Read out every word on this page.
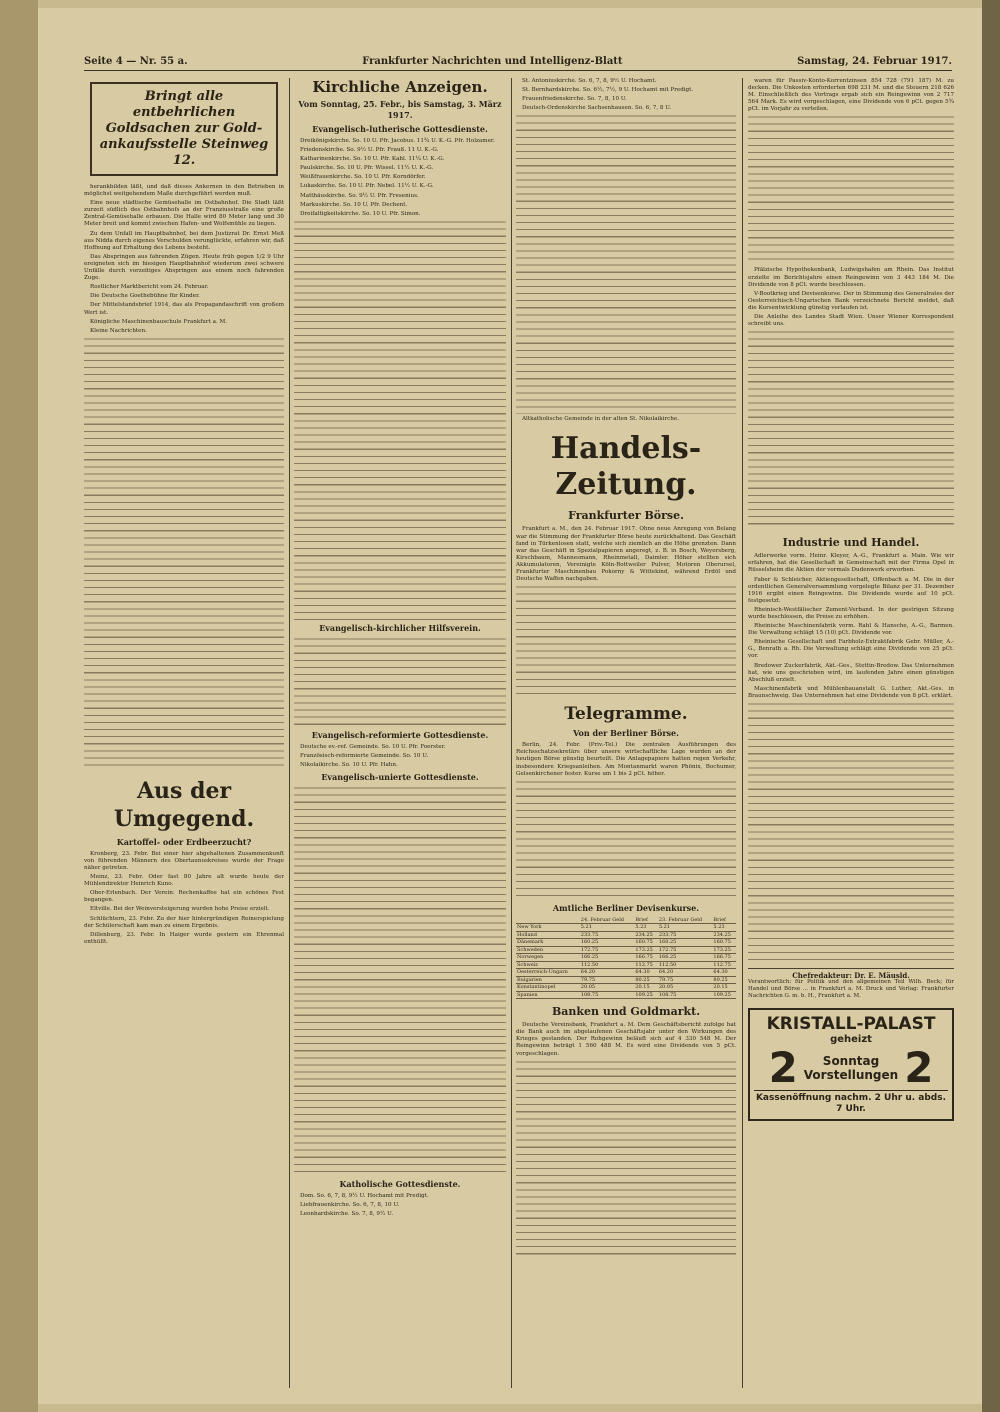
Seite 4 — Nr. 55 a.	Frankfurter Nachrichten und Intelligenz-Blatt	Samstag, 24. Februar 1917.
Bringt alle entbehrlichen Goldsachen zur Gold-ankaufsstelle Steinweg 12.

herankbilden läßt, und daß dieses Ankernen in den Betrieben in möglichst weitgehendem Maße durchgeführt werden muß.

Eine neue städtische Gemüsehalle im Ostbahnhof. Die Stadt läßt zurzeit südlich des Ostbahnhofs an der Franziusstraße eine große Zentral-Gemüsehalle erbauen. Die Halle wird 80 Meter lang und 30 Meter breit und kommt zwischen Hafen- und Wolfsmühle zu liegen.

Zu dem Unfall im Hauptbahnhof, bei dem Justizrat Dr. Ernst Meß aus Nidda durch eigenes Verschulden verunglückte, erfahren wir, daß Hoffnung auf Erhaltung des Lebens besteht.

Das Abspringen aus fahrenden Zügen. Heute früh gegen 1/2 9 Uhr ereigneten sich im hiesigen Hauptbahnhof wiederum zwei schwere Unfälle durch vorzeitiges Abspringen aus einem noch fahrenden Zuge.

Rostlicher Marktbericht vom 24. Februar.

Die Deutsche Goethebühne für Kinder.

Der Mittelstandsbrief 1914, das als Propagandaschrift von großem Wert ist.

Königliche Maschinenbauschule Frankfurt a. M.

Kleine Nachrichten.

Aus der Umgegend.
Kartoffel- oder Erdbeerzucht?

Kronberg, 23. Febr. Bei einer hier abgehaltenen Zusammenkunft von führenden Männern des Obertaunuskreises wurde der Frage näher getreten.

Meinz, 23. Febr. Oder fast 80 Jahre alt wurde heute der Mühlendirektor Heinrich Kuno.

Ober-Erlenbach. Der Verein: Rechenkaffee hat ein schönes Fest begangen.

Eltville. Bei der Weinversteigerung wurden hohe Preise erzielt.

Schlüchtern, 23. Febr. Zu der hier hintergründigen Reinerspielung der Schülerschaft kam man zu einem Ergebnis.

Dillenburg, 23. Febr. In Haiger wurde gestern ein Ehrenmal enthüllt.

Kirchliche Anzeigen.
Vom Sonntag, 25. Febr., bis Samstag, 3. März 1917.
Evangelisch-lutherische Gottesdienste.

Dreikönigskirche. So. 10 U. Pfr. Jacobus. 11¾ U. K.-G. Pfr. Holzamer.

Friedenskirche. So. 9½ U. Pfr. Frauß. 11 U. K.-G.

Katharinenkirche. So. 10 U. Pfr. Kahl. 11¼ U. K.-G.

Paulskirche. So. 10 U. Pfr. Wissel. 11½ U. K.-G.

Weißfrauenkirche. So. 10 U. Pfr. Korndörfer.

Lukaskirche. So. 10 U. Pfr. Nebel. 11½ U. K.-G.

Matthäuskirche. So. 9½ U. Pfr. Fresenius.

Markuskirche. So. 10 U. Pfr. Dechent.

Dreifaltigkeitskirche. So. 10 U. Pfr. Simon.

Evangelisch-kirchlicher Hilfsverein.
Evangelisch-reformierte Gottesdienste.

Deutsche ev.-ref. Gemeinde. So. 10 U. Pfr. Foerster.

Französisch-reformierte Gemeinde. So. 10 U.

Nikolaikirche. So. 10 U. Pfr. Hahn.

Evangelisch-unierte Gottesdienste.
Katholische Gottesdienste.

Dom. So. 6, 7, 8, 9½ U. Hochamt mit Predigt.

Liebfrauenkirche. So. 6, 7, 8, 10 U.

Leonhardskirche. So. 7, 8, 9½ U.

St. Antoniuskirche. So. 6, 7, 8, 9½ U. Hochamt.

St. Bernhardskirche. So. 6½, 7½, 9 U. Hochamt mit Predigt.

Frauenfriedenskirche. So. 7, 8, 10 U.

Deutsch-Ordenskirche Sachsenhausen. So. 6, 7, 8 U.

Altkatholische Gemeinde in der alten St. Nikolaikirche.

Handels-Zeitung.
Frankfurter Börse.

Frankfurt a. M., den 24. Februar 1917. Ohne neue Anregung von Belang war die Stimmung der Frankfurter Börse heute zurückhaltend. Das Geschäft fand in Türkenlosen statt, welche sich ziemlich an die Höhe grenzten. Dann war das Geschäft in Spezialpapieren angeregt, z. B. in Bosch, Weyersberg, Kirschbaum, Mannesmann, Rheinmetall, Daimler. Höher stellten sich Akkumulatoren, Vereinigte Köln-Rottweiler Pulver, Motoren Oberursel, Frankfurter Maschinenbau Pokorny & Wittekind, während Erdöl und Deutsche Waffen nachgaben.

Telegramme.
Von der Berliner Börse.

Berlin, 24. Febr. (Priv.-Tel.) Die zentralen Ausführungen des Reichsschatzsekretärs über unsere wirtschaftliche Lage wurden an der heutigen Börse günstig beurteilt. Die Anlagepapiere hatten regen Verkehr, insbesondere Kriegsanleihen. Am Montanmarkt waren Phönix, Bochumer, Gelsenkirchener fester. Kurse um 1 bis 2 pCt. höher.

Amtliche Berliner Devisenkurse.
	24. Februar Geld	Brief	23. Februar Geld	Brief
New York	5.21	5.23	5.21	5.23
Holland	233.75	234.25	233.75	234.25
Dänemark	160.25	160.75	160.25	160.75
Schweden	172.75	173.25	172.75	173.25
Norwegen	166.25	166.75	166.25	166.75
Schweiz	112.50	112.75	112.50	112.75
Oesterreich-Ungarn	64.20	64.30	64.20	64.30
Bulgarien	79.75	80.25	79.75	80.25
Konstantinopel	20.05	20.15	20.05	20.15
Spanien	108.75	109.25	108.75	109.25
Banken und Goldmarkt.

Deutsche Vereinsbank, Frankfurt a. M. Dem Geschäftsbericht zufolge hat die Bank auch im abgelaufenen Geschäftsjahr unter den Wirkungen des Krieges gestanden. Der Rohgewinn beläuft sich auf 4 330 548 M. Der Reingewinn beträgt 1 560 488 M. Es wird eine Dividende von 5 pCt. vorgeschlagen.

waren für Passiv-Konto-Korrentzinsen 854 728 (791 187) M. zu decken. Die Unkosten erforderten 698 231 M. und die Steuern 218 626 M. Einschließlich des Vortrags ergab sich ein Reingewinn von 2 717 564 Mark. Es wird vorgeschlagen, eine Dividende von 6 pCt. gegen 5¾ pCt. im Vorjahr zu verteilen.

Pfälzische Hypothekenbank, Ludwigshafen am Rhein. Das Institut erzielte im Berichtsjahre einen Reingewinn von 3 443 184 M. Die Dividende von 8 pCt. wurde beschlossen.

V-Bootkrieg und Devisenkurse. Der in Stimmung des Generalrates der Oesterreichisch-Ungarischen Bank verzeichnete Bericht meldet, daß die Kursentwicklung günstig verlaufen ist.

Die Anleihe des Landes Stadt Wien. Unser Wiener Korrespondent schreibt uns.

Industrie und Handel.

Adlerwerke vorm. Heinr. Kleyer, A.-G., Frankfurt a. Main. Wie wir erfahren, hat die Gesellschaft in Gemeinschaft mit der Firma Opel in Rüsselsheim die Aktien der vormals Dudenwerk erworben.

Faber & Schleicher, Aktiengesellschaft, Offenbach a. M. Die in der ordentlichen Generalversammlung vorgelegte Bilanz per 31. Dezember 1916 ergibt einen Reingewinn. Die Dividende wurde auf 10 pCt. festgesetzt.

Rheinisch-Westfälischer Zement-Verband. In der gestrigen Sitzung wurde beschlossen, die Preise zu erhöhen.

Rheinische Maschinenfabrik vorm. Rahl & Hansche, A.-G., Barmen. Die Verwaltung schlägt 15 (10) pCt. Dividende vor.

Rheinische Gesellschaft und Farbholz-Extraktfabrik Gebr. Müller, A.-G., Benrath a. Rh. Die Verwaltung schlägt eine Dividende von 25 pCt. vor.

Bredower Zuckerfabrik, Akt.-Ges., Stettin-Bredow. Das Unternehmen hat, wie uns geschrieben wird, im laufenden Jahre einen günstigen Abschluß erzielt.

Maschinenfabrik und Mühlenbauanstalt G. Luther, Akt.-Ges. in Braunschweig. Das Unternehmen hat eine Dividende von 8 pCt. erklärt.

Chefredakteur: Dr. E. Mäusld.
Verantwortlich: für Politik und den allgemeinen Teil Wilh. Beck; für Handel und Börse ... in Frankfurt a. M. Druck und Verlag: Frankfurter Nachrichten G. m. b. H., Frankfurt a. M.
KRISTALL-PALAST
geheizt
2	Sonntag
Vorstellungen 2
Kassenöffnung nachm. 2 Uhr u. abds. 7 Uhr.
